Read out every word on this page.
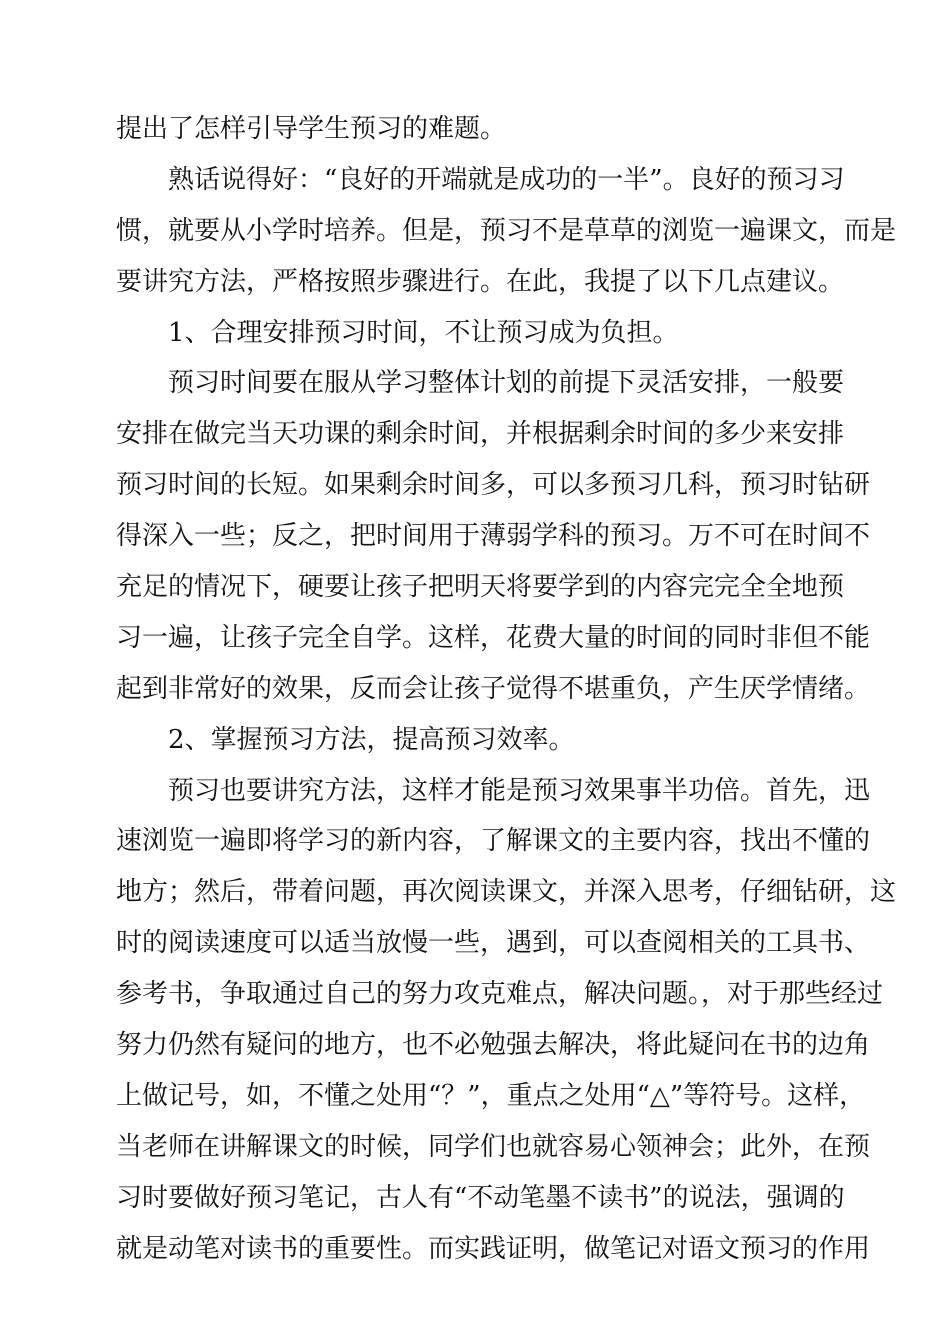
提出了怎样引导学生预习的难题。
熟话说得好：“良好的开端就是成功的一半”。良好的预习习
惯，就要从小学时培养。但是，预习不是草草的浏览一遍课文，而是
要讲究方法，严格按照步骤进行。在此，我提了以下几点建议。
1、合理安排预习时间，不让预习成为负担。
预习时间要在服从学习整体计划的前提下灵活安排，一般要
安排在做完当天功课的剩余时间，并根据剩余时间的多少来安排
预习时间的长短。如果剩余时间多，可以多预习几科，预习时钻研
得深入一些；反之，把时间用于薄弱学科的预习。万不可在时间不
充足的情况下，硬要让孩子把明天将要学到的内容完完全全地预
习一遍，让孩子完全自学。这样，花费大量的时间的同时非但不能
起到非常好的效果，反而会让孩子觉得不堪重负，产生厌学情绪。
2、掌握预习方法，提高预习效率。
预习也要讲究方法，这样才能是预习效果事半功倍。首先，迅
速浏览一遍即将学习的新内容，了解课文的主要内容，找出不懂的
地方；然后，带着问题，再次阅读课文，并深入思考，仔细钻研，这
时的阅读速度可以适当放慢一些，遇到，可以查阅相关的工具书、
参考书，争取通过自己的努力攻克难点，解决问题。，对于那些经过
努力仍然有疑问的地方，也不必勉强去解决，将此疑问在书的边角
上做记号，如，不懂之处用“？”，重点之处用“△”等符号。这样，
当老师在讲解课文的时候，同学们也就容易心领神会；此外，在预
习时要做好预习笔记，古人有“不动笔墨不读书”的说法，强调的
就是动笔对读书的重要性。而实践证明，做笔记对语文预习的作用
